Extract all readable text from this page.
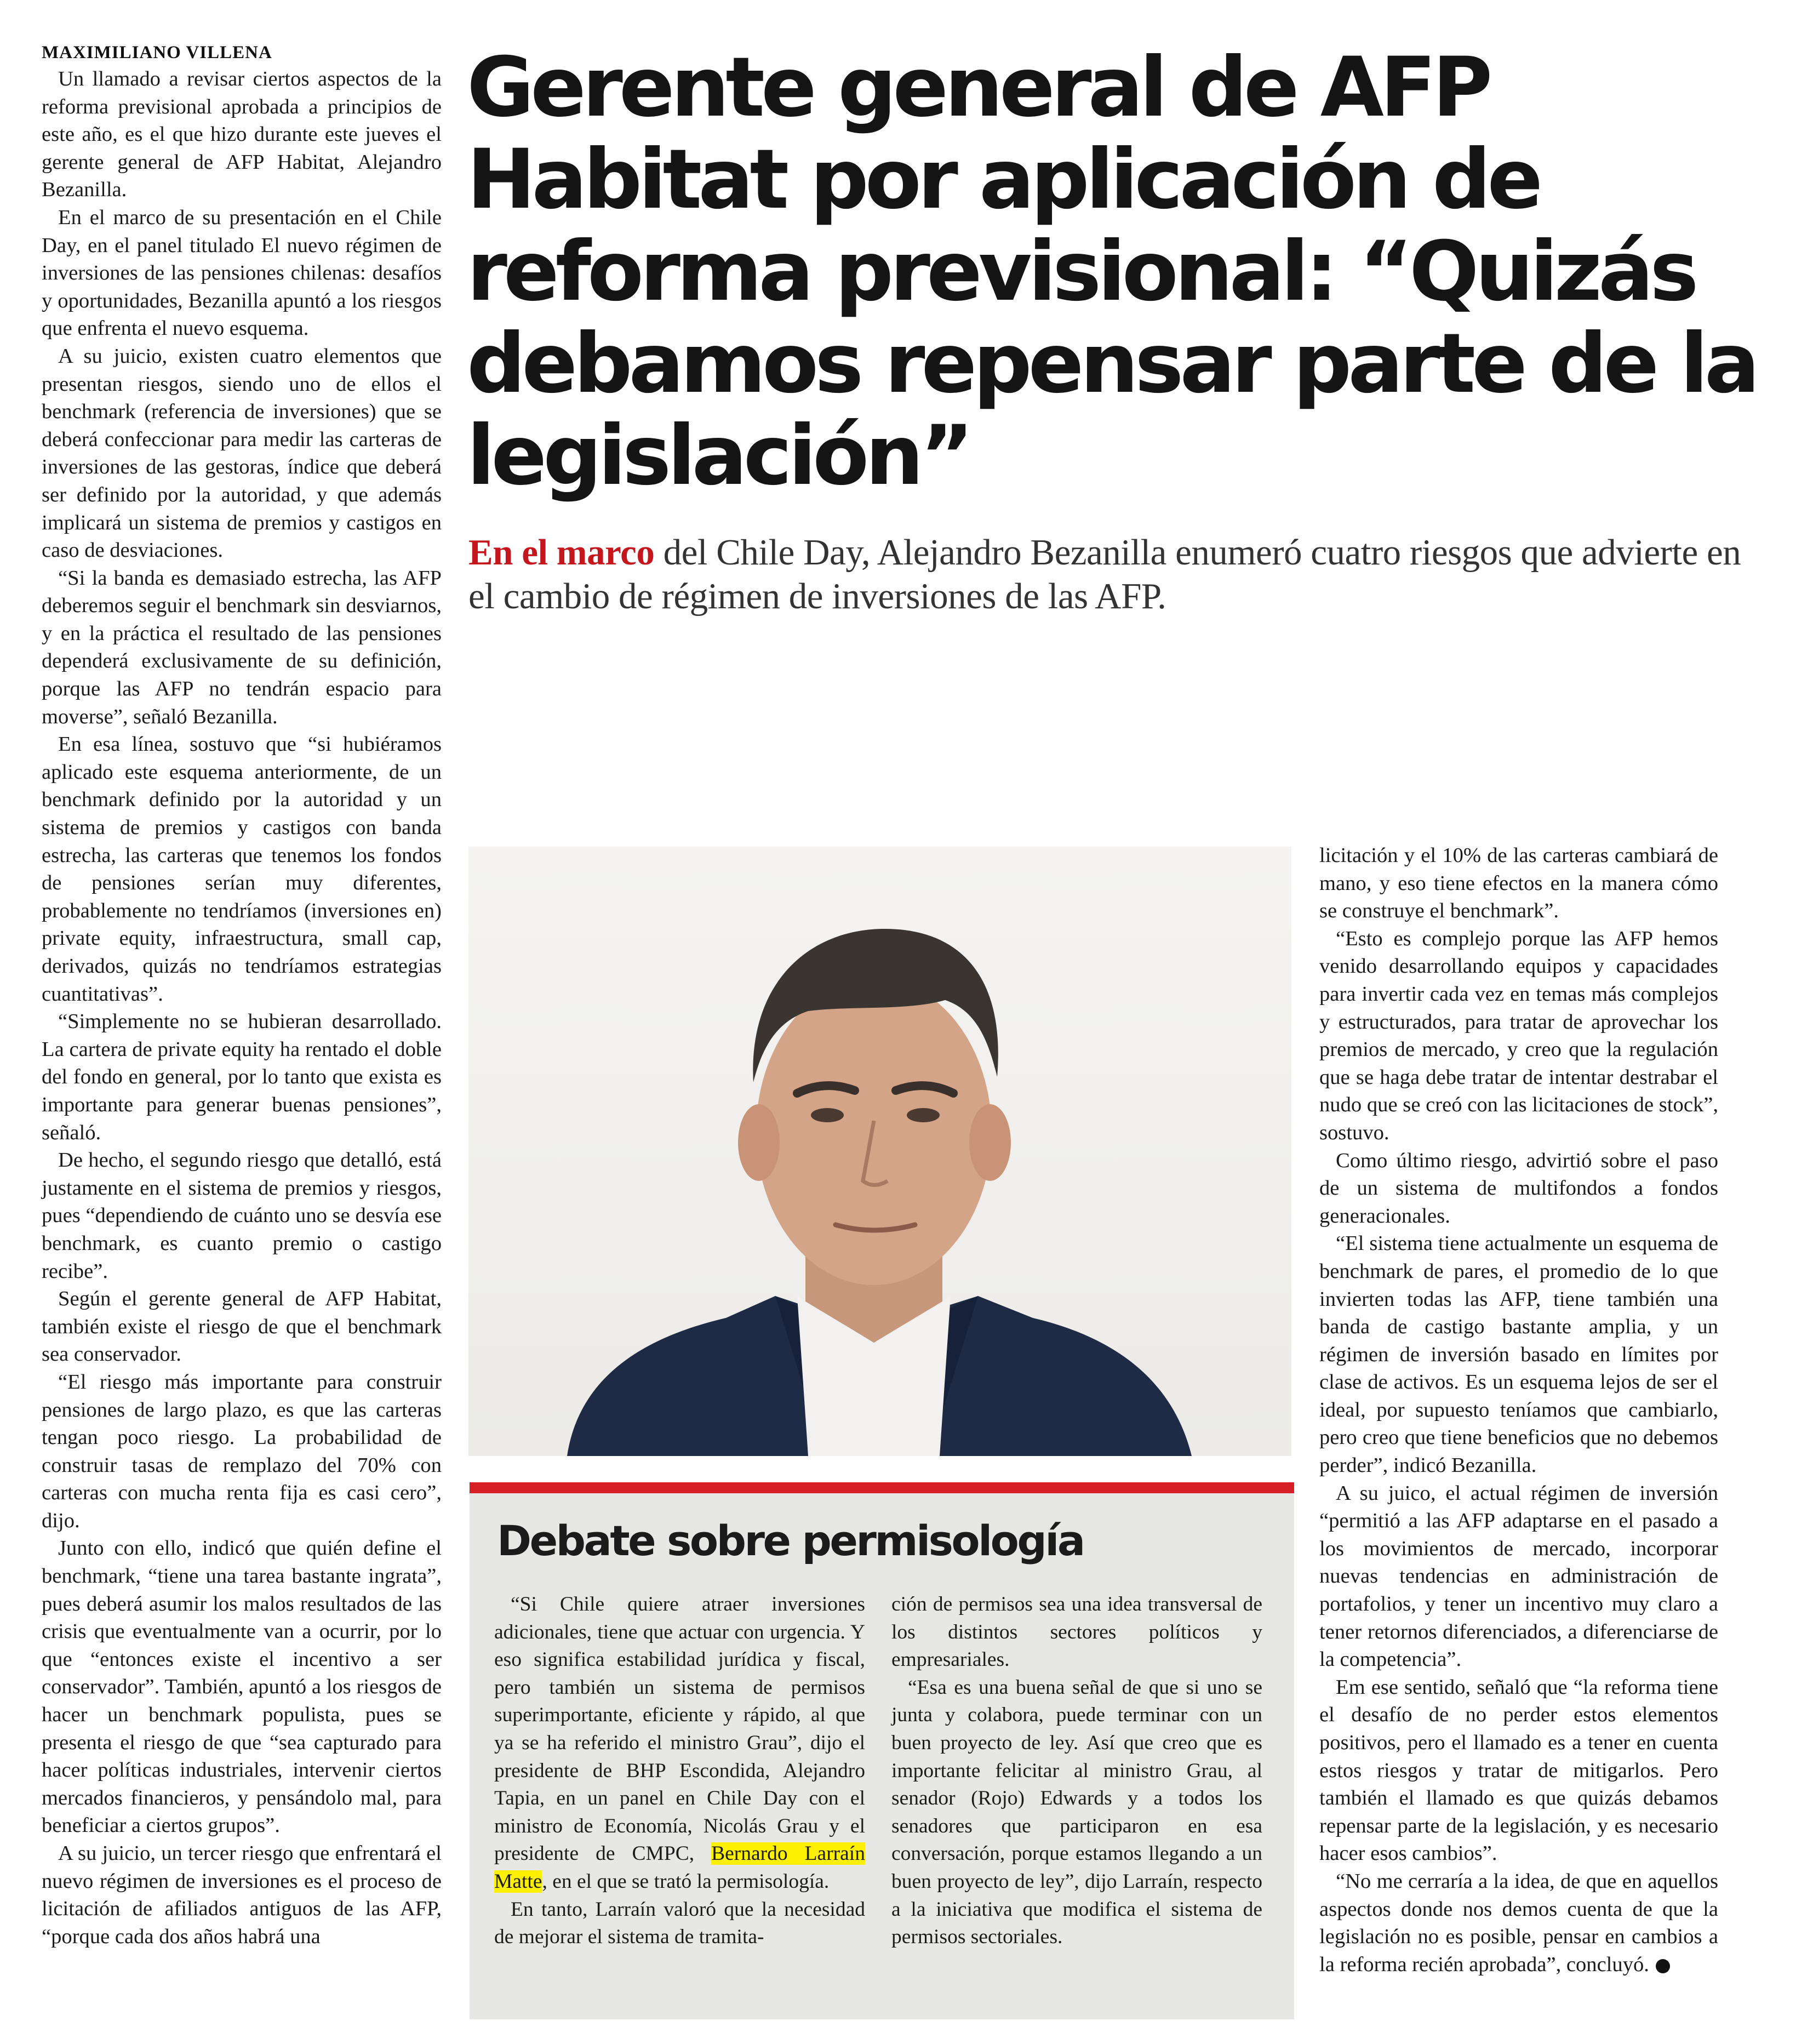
MAXIMILIANO VILLENA

Un llamado a revisar ciertos aspectos de la reforma previsional aprobada a principios de este año, es el que hizo durante este jueves el gerente general de AFP Habitat, Alejandro Bezanilla.

En el marco de su presentación en el Chile Day, en el panel titulado El nuevo régimen de inversiones de las pensiones chilenas: desafíos y oportunidades, Bezanilla apuntó a los riesgos que enfrenta el nuevo esquema.

A su juicio, existen cuatro elementos que presentan riesgos, siendo uno de ellos el benchmark (referencia de inversiones) que se deberá confeccionar para medir las carteras de inversiones de las gestoras, índice que deberá ser definido por la autoridad, y que además implicará un sistema de premios y castigos en caso de desviaciones.

“Si la banda es demasiado estrecha, las AFP deberemos seguir el benchmark sin desviarnos, y en la práctica el resultado de las pensiones dependerá exclusivamente de su definición, porque las AFP no tendrán espacio para moverse”, señaló Bezanilla.

En esa línea, sostuvo que “si hubiéramos aplicado este esquema anteriormente, de un benchmark definido por la autoridad y un sistema de premios y castigos con banda estrecha, las carteras que tenemos los fondos de pensiones serían muy diferentes, probablemente no tendríamos (inversiones en) private equity, infraestructura, small cap, derivados, quizás no tendríamos estrategias cuantitativas”.

“Simplemente no se hubieran desarrollado. La cartera de private equity ha rentado el doble del fondo en general, por lo tanto que exista es importante para generar buenas pensiones”, señaló.

De hecho, el segundo riesgo que detalló, está justamente en el sistema de premios y riesgos, pues “dependiendo de cuánto uno se desvía ese benchmark, es cuanto premio o castigo recibe”.

Según el gerente general de AFP Habitat, también existe el riesgo de que el benchmark sea conservador.

“El riesgo más importante para construir pensiones de largo plazo, es que las carteras tengan poco riesgo. La probabilidad de construir tasas de remplazo del 70% con carteras con mucha renta fija es casi cero”, dijo.

Junto con ello, indicó que quién define el benchmark, “tiene una tarea bastante ingrata”, pues deberá asumir los malos resultados de las crisis que eventualmente van a ocurrir, por lo que “entonces existe el incentivo a ser conservador”. También, apuntó a los riesgos de hacer un benchmark populista, pues se presenta el riesgo de que “sea capturado para hacer políticas industriales, intervenir ciertos mercados financieros, y pensándolo mal, para beneficiar a ciertos grupos”.

A su juicio, un tercer riesgo que enfrentará el nuevo régimen de inversiones es el proceso de licitación de afiliados antiguos de las AFP, “porque cada dos años habrá una

Gerente general de AFP Habitat por aplicación de reforma previsional: “Quizás debamos repensar parte de la legislación”

En el marco del Chile Day, Alejandro Bezanilla enumeró cuatro riesgos que advierte en el cambio de régimen de inversiones de las AFP.

licitación y el 10% de las carteras cambiará de mano, y eso tiene efectos en la manera cómo se construye el benchmark”.

“Esto es complejo porque las AFP hemos venido desarrollando equipos y capacidades para invertir cada vez en temas más complejos y estructurados, para tratar de aprovechar los premios de mercado, y creo que la regulación que se haga debe tratar de intentar destrabar el nudo que se creó con las licitaciones de stock”, sostuvo.

Como último riesgo, advirtió sobre el paso de un sistema de multifondos a fondos generacionales.

“El sistema tiene actualmente un esquema de benchmark de pares, el promedio de lo que invierten todas las AFP, tiene también una banda de castigo bastante amplia, y un régimen de inversión basado en límites por clase de activos. Es un esquema lejos de ser el ideal, por supuesto teníamos que cambiarlo, pero creo que tiene beneficios que no debemos perder”, indicó Bezanilla.

A su juico, el actual régimen de inversión “permitió a las AFP adaptarse en el pasado a los movimientos de mercado, incorporar nuevas tendencias en administración de portafolios, y tener un incentivo muy claro a tener retornos diferenciados, a diferenciarse de la competencia”.

Em ese sentido, señaló que “la reforma tiene el desafío de no perder estos elementos positivos, pero el llamado es a tener en cuenta estos riesgos y tratar de mitigarlos. Pero también el llamado es que quizás debamos repensar parte de la legislación, y es necesario hacer esos cambios”.

“No me cerraría a la idea, de que en aquellos aspectos donde nos demos cuenta de que la legislación no es posible, pensar en cambios a la reforma recién aprobada”, concluyó. P

Debate sobre permisología

“Si Chile quiere atraer inversiones adicionales, tiene que actuar con urgencia. Y eso significa estabilidad jurídica y fiscal, pero también un sistema de permisos superimportante, eficiente y rápido, al que ya se ha referido el ministro Grau”, dijo el presidente de BHP Escondida, Alejandro Tapia, en un panel en Chile Day con el ministro de Economía, Nicolás Grau y el presidente de CMPC, Bernardo Larraín Matte, en el que se trató la permisología.

En tanto, Larraín valoró que la necesidad de mejorar el sistema de tramita-

ción de permisos sea una idea transversal de los distintos sectores políticos y empresariales.

“Esa es una buena señal de que si uno se junta y colabora, puede terminar con un buen proyecto de ley. Así que creo que es importante felicitar al ministro Grau, al senador (Rojo) Edwards y a todos los senadores que participaron en esa conversación, porque estamos llegando a un buen proyecto de ley”, dijo Larraín, respecto a la iniciativa que modifica el sistema de permisos sectoriales.
